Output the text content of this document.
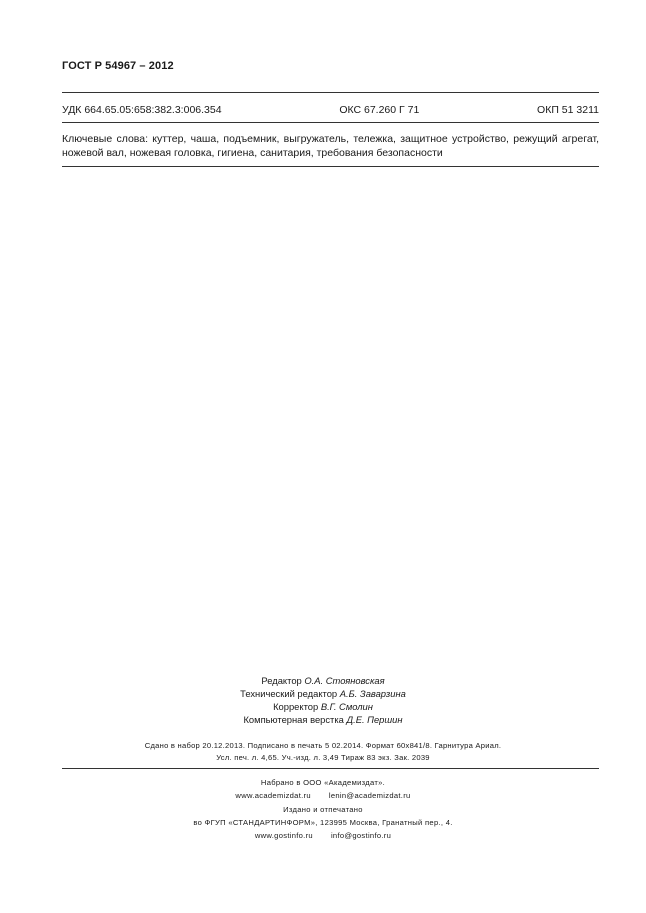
ГОСТ Р 54967 – 2012
УДК 664.65.05:658:382.3:006.354	ОКС 67.260 Г 71	ОКП 51 3211
Ключевые слова: куттер, чаша, подъемник, выгружатель, тележка, защитное устройство, режущий агрегат, ножевой вал, ножевая головка, гигиена, санитария, требования безопасности
Редактор О.А. Стояновская
Технический редактор А.Б. Заварзина
Корректор В.Г. Смолин
Компьютерная верстка Д.Е. Першин
Сдано в набор 20.12.2013. Подписано в печать 5 02.2014. Формат 60x841/8. Гарнитура Ариал.
Усл. печ. л. 4,65. Уч.-изд. л. 3,49 Тираж 83 экз. Зак. 2039
Набрано в ООО «Академиздат».
www.academizdat.ru lenin@academizdat.ru
Издано и отпечатано
во ФГУП «СТАНДАРТИНФОРМ», 123995 Москва, Гранатный пер., 4.
www.gostinfo.ru info@gostinfo.ru
